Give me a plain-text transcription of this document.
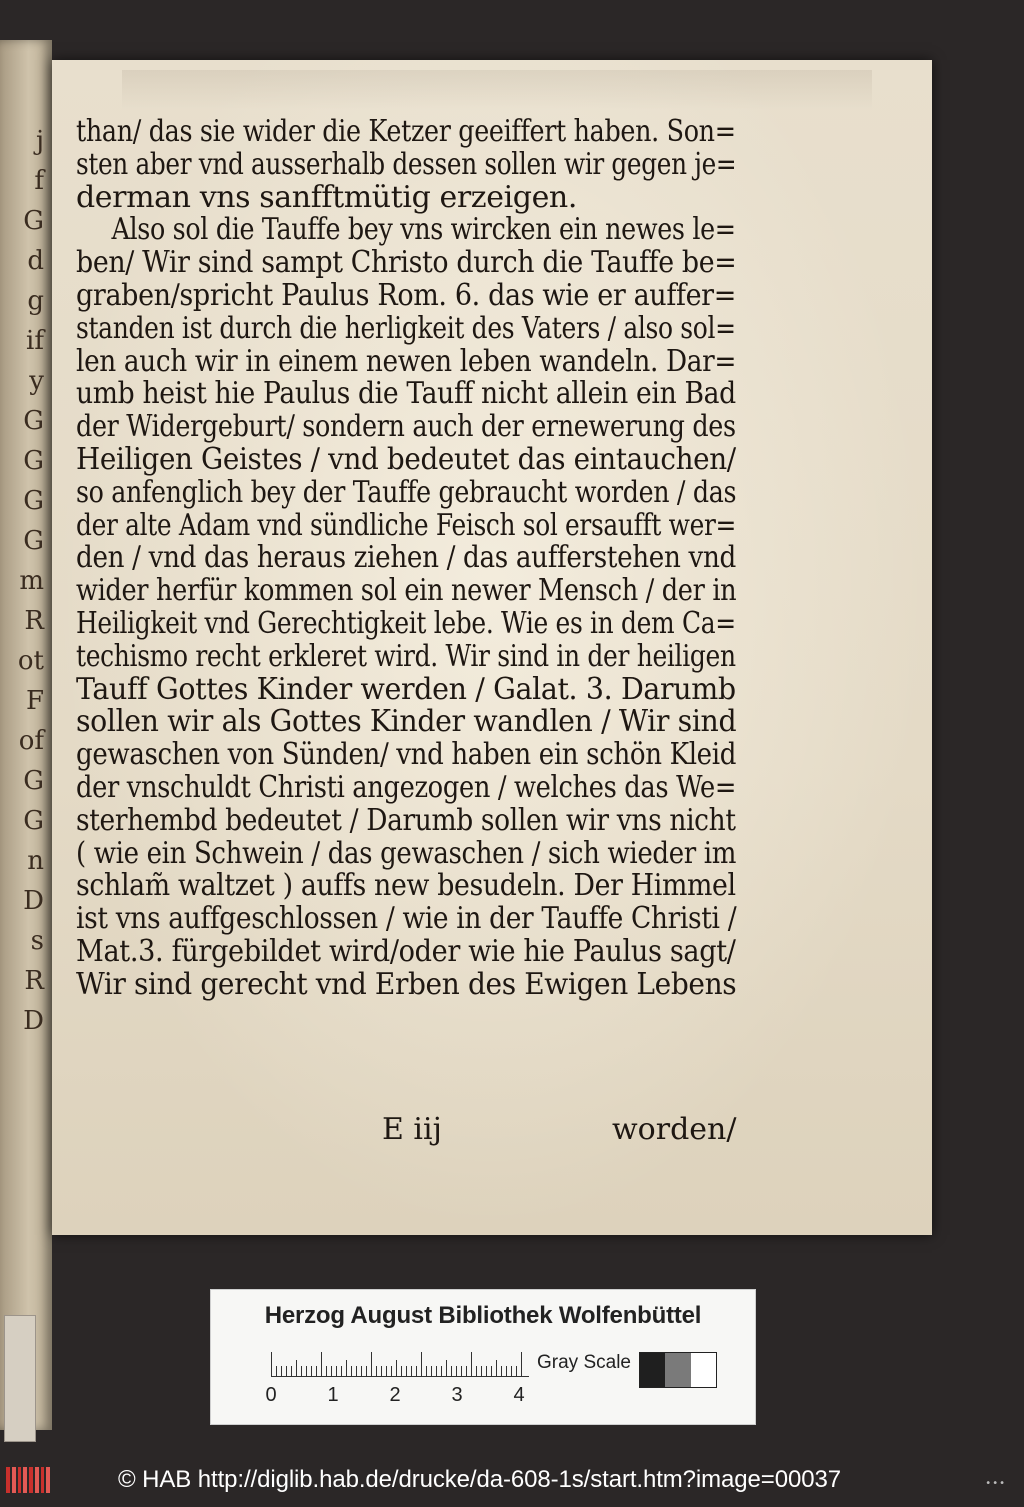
j
f
G
d
g
if
y
G
G
G
G
m
R
ot
F
of
G
G
n
D
s
R
D
than/ das sie wider die Ketzer geeiffert haben. Son=
sten aber vnd ausserhalb dessen sollen wir gegen je=
derman vns sanfftmütig erzeigen.
Also sol die Tauffe bey vns wircken ein newes le=
ben/ Wir sind sampt Christo durch die Tauffe be=
graben/spricht Paulus Rom. 6. das wie er auffer=
standen ist durch die herligkeit des Vaters / also sol=
len auch wir in einem newen leben wandeln. Dar=
umb heist hie Paulus die Tauff nicht allein ein Bad
der Widergeburt/ sondern auch der ernewerung des
Heiligen Geistes / vnd bedeutet das eintauchen/
so anfenglich bey der Tauffe gebraucht worden / das
der alte Adam vnd sündliche Feisch sol ersaufft wer=
den / vnd das heraus ziehen / das aufferstehen vnd
wider herfür kommen sol ein newer Mensch / der in
Heiligkeit vnd Gerechtigkeit lebe. Wie es in dem Ca=
techismo recht erkleret wird. Wir sind in der heiligen
Tauff Gottes Kinder werden / Galat. 3. Darumb
sollen wir als Gottes Kinder wandlen / Wir sind
gewaschen von Sünden/ vnd haben ein schön Kleid
der vnschuldt Christi angezogen / welches das We=
sterhembd bedeutet / Darumb sollen wir vns nicht
( wie ein Schwein / das gewaschen / sich wieder im
schlam̃ waltzet ) auffs new besudeln. Der Himmel
ist vns auffgeschlossen / wie in der Tauffe Christi /
Mat.3. fürgebildet wird/oder wie hie Paulus sagt/
Wir sind gerecht vnd Erben des Ewigen Lebens
E iij	worden/
Herzog August Bibliothek Wolfenbüttel
0	1	2	3	4
Gray Scale
© HAB http://diglib.hab.de/drucke/da-608-1s/start.htm?image=00037	•••
